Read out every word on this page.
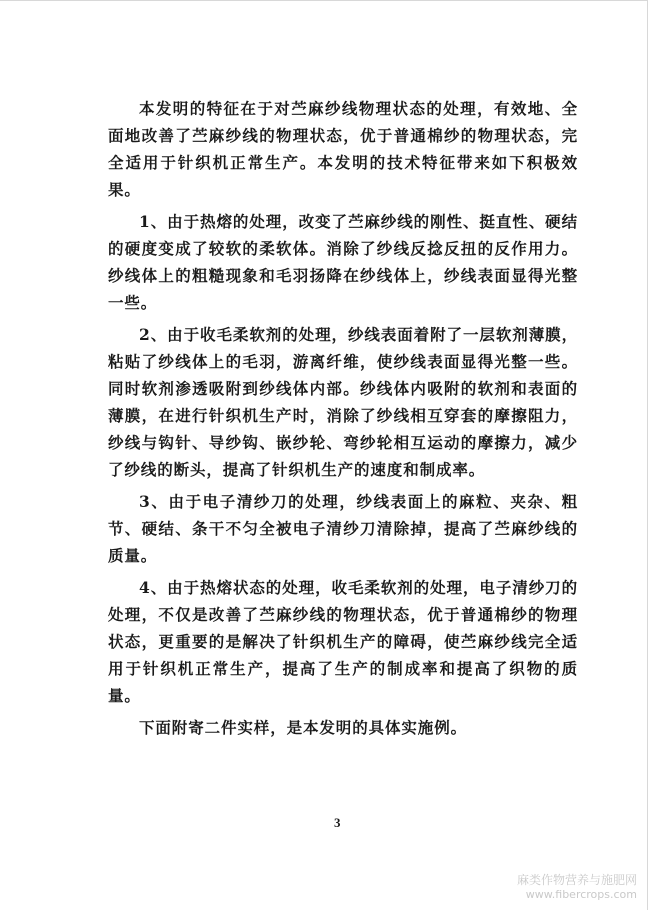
本发明的特征在于对苎麻纱线物理状态的处理，有效地、全面地改善了苎麻纱线的物理状态，优于普通棉纱的物理状态，完全适用于针织机正常生产。本发明的技术特征带来如下积极效果。

1、由于热熔的处理，改变了苎麻纱线的刚性、挺直性、硬结的硬度变成了较软的柔软体。消除了纱线反捻反扭的反作用力。纱线体上的粗糙现象和毛羽扬降在纱线体上，纱线表面显得光整一些。

2、由于收毛柔软剂的处理，纱线表面着附了一层软剂薄膜，粘贴了纱线体上的毛羽，游离纤维，使纱线表面显得光整一些。同时软剂渗透吸附到纱线体内部。纱线体内吸附的软剂和表面的薄膜，在进行针织机生产时，消除了纱线相互穿套的摩擦阻力，纱线与钩针、导纱钩、嵌纱轮、弯纱轮相互运动的摩擦力，减少了纱线的断头，提高了针织机生产的速度和制成率。

3、由于电子清纱刀的处理，纱线表面上的麻粒、夹杂、粗节、硬结、条干不匀全被电子清纱刀清除掉，提高了苎麻纱线的质量。

4、由于热熔状态的处理，收毛柔软剂的处理，电子清纱刀的处理，不仅是改善了苎麻纱线的物理状态，优于普通棉纱的物理状态，更重要的是解决了针织机生产的障碍，使苎麻纱线完全适用于针织机正常生产，提高了生产的制成率和提高了织物的质量。

下面附寄二件实样，是本发明的具体实施例。

3
麻类作物营养与施肥网
www.fibercrops.com
